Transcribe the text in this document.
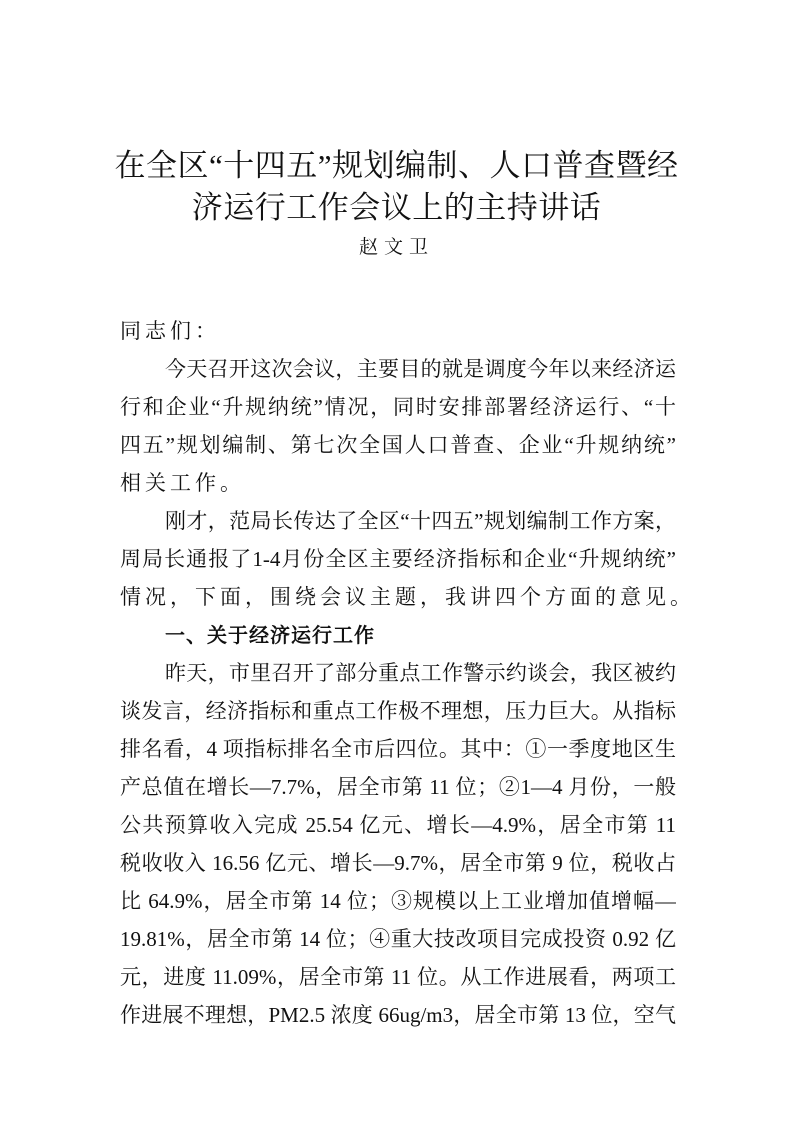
在全区“十四五”规划编制、人口普查暨经
济运行工作会议上的主持讲话
赵文卫
同志们：
今天召开这次会议，主要目的就是调度今年以来经济运
行和企业“升规纳统”情况，同时安排部署经济运行、“十
四五”规划编制、第七次全国人口普查、企业“升规纳统”
相关工作。
刚才，范局长传达了全区“十四五”规划编制工作方案，
周局长通报了1-4月份全区主要经济指标和企业“升规纳统”
情况，下面，围绕会议主题，我讲四个方面的意见。
一、关于经济运行工作
昨天，市里召开了部分重点工作警示约谈会，我区被约
谈发言，经济指标和重点工作极不理想，压力巨大。从指标
排名看，4 项指标排名全市后四位。其中：①一季度地区生
产总值在增长—7.7%，居全市第 11 位；②1—4 月份，一般
公共预算收入完成 25.54 亿元、增长—4.9%，居全市第 11
税收收入 16.56 亿元、增长—9.7%，居全市第 9 位，税收占
比 64.9%，居全市第 14 位；③规模以上工业增加值增幅—
19.81%，居全市第 14 位；④重大技改项目完成投资 0.92 亿
元，进度 11.09%，居全市第 11 位。从工作进展看，两项工
作进展不理想，PM2.5 浓度 66ug/m3，居全市第 13 位，空气
